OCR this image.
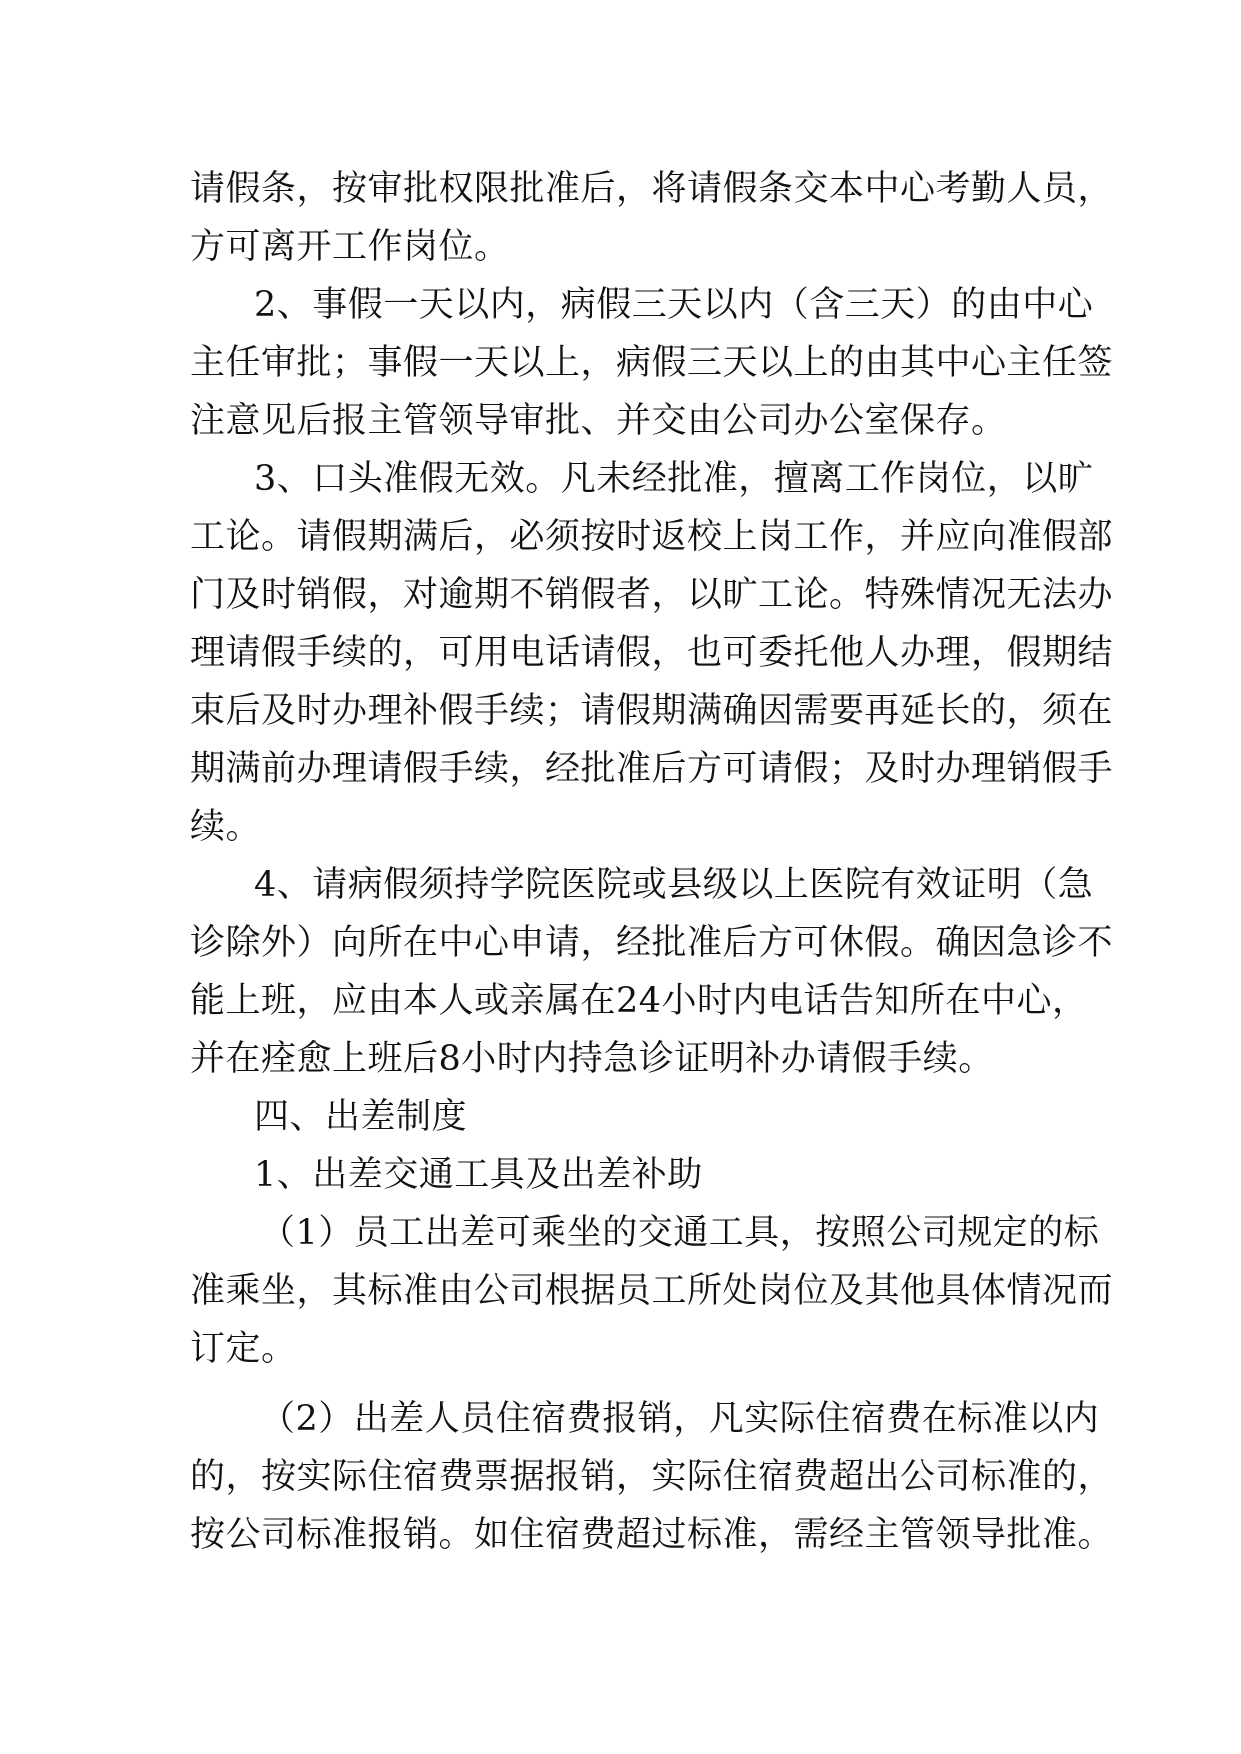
请假条，按审批权限批准后，将请假条交本中心考勤人员，
方可离开工作岗位。
2、事假一天以内，病假三天以内（含三天）的由中心
主任审批；事假一天以上，病假三天以上的由其中心主任签
注意见后报主管领导审批、并交由公司办公室保存。
3、口头准假无效。凡未经批准，擅离工作岗位，以旷
工论。请假期满后，必须按时返校上岗工作，并应向准假部
门及时销假，对逾期不销假者，以旷工论。特殊情况无法办
理请假手续的，可用电话请假，也可委托他人办理，假期结
束后及时办理补假手续；请假期满确因需要再延长的，须在
期满前办理请假手续，经批准后方可请假；及时办理销假手
续。
4、请病假须持学院医院或县级以上医院有效证明（急
诊除外）向所在中心申请，经批准后方可休假。确因急诊不
能上班，应由本人或亲属在24小时内电话告知所在中心，
并在痊愈上班后8小时内持急诊证明补办请假手续。
四、出差制度
1、出差交通工具及出差补助
（1）员工出差可乘坐的交通工具，按照公司规定的标
准乘坐，其标准由公司根据员工所处岗位及其他具体情况而
订定。
（2）出差人员住宿费报销，凡实际住宿费在标准以内
的，按实际住宿费票据报销，实际住宿费超出公司标准的，
按公司标准报销。如住宿费超过标准，需经主管领导批准。
